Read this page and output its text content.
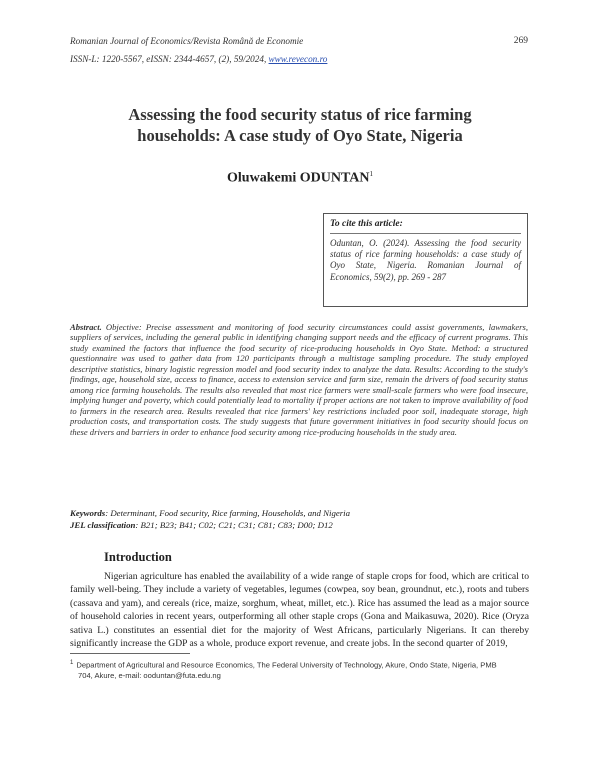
Romanian Journal of Economics/Revista Română de Economie	269
ISSN-L: 1220-5567, eISSN: 2344-4657, (2), 59/2024, www.revecon.ro
Assessing the food security status of rice farming
households: A case study of Oyo State, Nigeria
Oluwakemi ODUNTAN$^1$
To cite this article:
Oduntan, O. (2024). Assessing the food security status of rice farming households: a case study of Oyo State, Nigeria. Romanian Journal of Economics, 59(2), pp. 269 - 287
Abstract. Objective: Precise assessment and monitoring of food security circumstances could assist governments, lawmakers, suppliers of services, including the general public in identifying changing support needs and the efficacy of current programs. This study examined the factors that influence the food security of rice-producing households in Oyo State. Method: a structured questionnaire was used to gather data from 120 participants through a multistage sampling procedure. The study employed descriptive statistics, binary logistic regression model and food security index to analyze the data. Results: According to the study's findings, age, household size, access to finance, access to extension service and farm size, remain the drivers of food security status among rice farming households. The results also revealed that most rice farmers were small-scale farmers who were food insecure, implying hunger and poverty, which could potentially lead to mortality if proper actions are not taken to improve availability of food to farmers in the research area. Results revealed that rice farmers' key restrictions included poor soil, inadequate storage, high production costs, and transportation costs. The study suggests that future government initiatives in food security should focus on these drivers and barriers in order to enhance food security among rice-producing households in the study area.
Keywords: Determinant, Food security, Rice farming, Households, and Nigeria
JEL classification: B21; B23; B41; C02; C21; C31; C81; C83; D00; D12
Introduction
Nigerian agriculture has enabled the availability of a wide range of staple crops for food, which are critical to family well-being. They include a variety of vegetables, legumes (cowpea, soy bean, groundnut, etc.), roots and tubers (cassava and yam), and cereals (rice, maize, sorghum, wheat, millet, etc.). Rice has assumed the lead as a major source of household calories in recent years, outperforming all other staple crops (Gona and Maikasuwa, 2020). Rice (Oryza sativa L.) constitutes an essential diet for the majority of West Africans, particularly Nigerians. It can thereby significantly increase the GDP as a whole, produce export revenue, and create jobs. In the second quarter of 2019,
$^1$ Department of Agricultural and Resource Economics, The Federal University of Technology, Akure, Ondo State, Nigeria, PMB
704, Akure, e-mail: ooduntan@futa.edu.ng
